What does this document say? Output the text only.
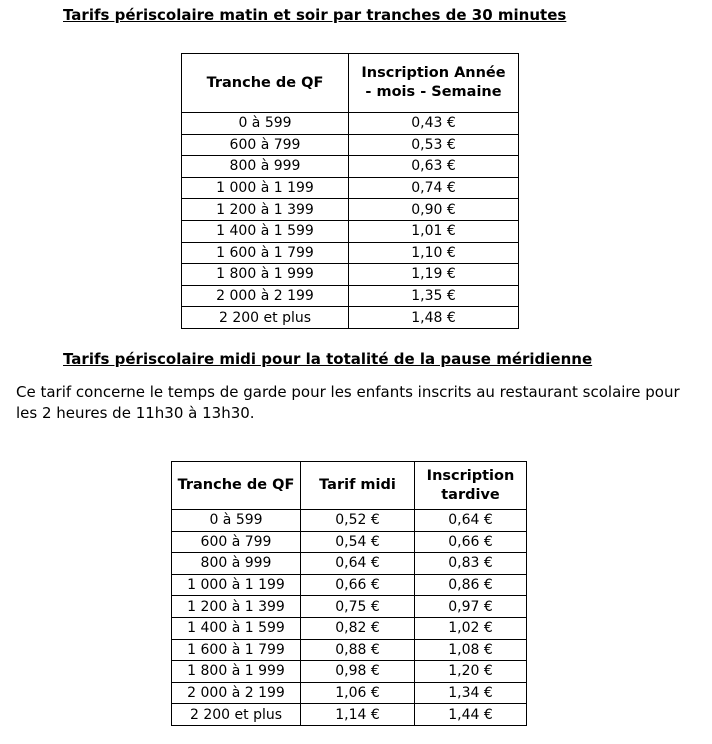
Tarifs périscolaire matin et soir par tranches de 30 minutes
Tranche de QF	Inscription Année - mois - Semaine

0 à 599	0,43 €
600 à 799	0,53 €
800 à 999	0,63 €
1 000 à 1 199	0,74 €
1 200 à 1 399	0,90 €
1 400 à 1 599	1,01 €
1 600 à 1 799	1,10 €
1 800 à 1 999	1,19 €
2 000 à 2 199	1,35 €
2 200 et plus	1,48 €
Tarifs périscolaire midi pour la totalité de la pause méridienne

Ce tarif concerne le temps de garde pour les enfants inscrits au restaurant scolaire pour les 2 heures de 11h30 à 13h30.

Tranche de QF	Tarif midi	Inscription tardive

0 à 599	0,52 €	0,64 €
600 à 799	0,54 €	0,66 €
800 à 999	0,64 €	0,83 €
1 000 à 1 199	0,66 €	0,86 €
1 200 à 1 399	0,75 €	0,97 €
1 400 à 1 599	0,82 €	1,02 €
1 600 à 1 799	0,88 €	1,08 €
1 800 à 1 999	0,98 €	1,20 €
2 000 à 2 199	1,06 €	1,34 €
2 200 et plus	1,14 €	1,44 €
